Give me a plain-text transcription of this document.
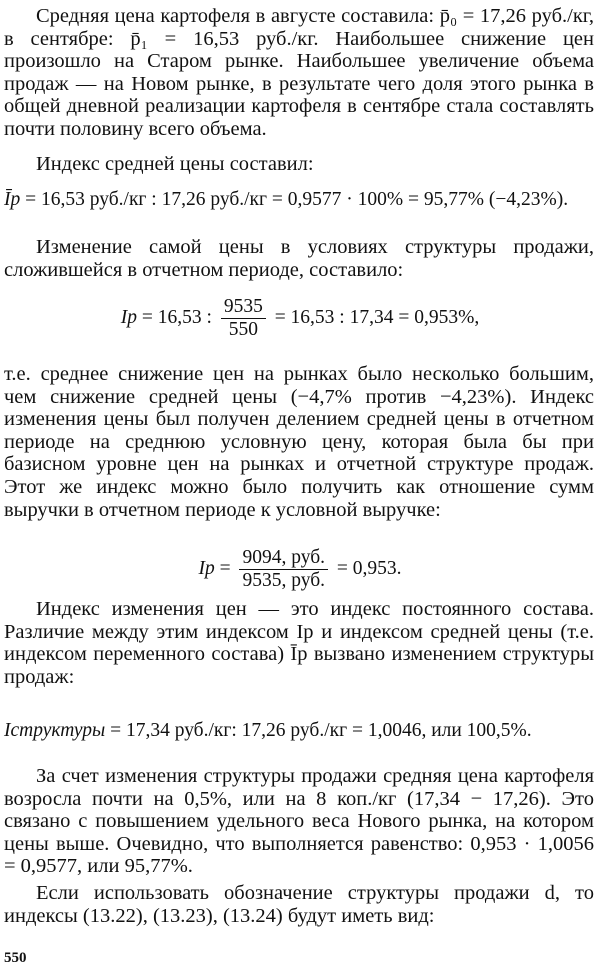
Средняя цена картофеля в августе составила: p̄₀ = 17,26 руб./кг, в сентябре: p̄₁ = 16,53 руб./кг. Наибольшее снижение цен произошло на Старом рынке. Наибольшее увеличение объема продаж — на Новом рынке, в результате чего доля этого рынка в общей дневной реализации картофеля в сентябре стала составлять почти половину всего объема.

Индекс средней цены составил:

Īp = 16,53 руб./кг : 17,26 руб./кг = 0,9577 · 100% = 95,77% (−4,23%).

Изменение самой цены в условиях структуры продажи, сложившейся в отчетном периоде, составило:

Ip = 16,53 : $\frac{9535}{550} = 16,53$ : 17,34 = 0,953%,

т.е. среднее снижение цен на рынках было несколько большим, чем снижение средней цены (−4,7% против −4,23%). Индекс изменения цены был получен делением средней цены в отчетном периоде на среднюю условную цену, которая была бы при базисном уровне цен на рынках и отчетной структуре продаж. Этот же индекс можно было получить как отношение сумм выручки в отчетном периоде к условной выручке:

$Ip = \frac{\text{9094, руб.}}{\text{9535, руб.}} = 0,953$.

Индекс изменения цен — это индекс постоянного состава. Различие между этим индексом Ip и индексом средней цены (т.е. индексом переменного состава) Īp вызвано изменением структуры продаж:

Iструктуры = 17,34 руб./кг: 17,26 руб./кг = 1,0046, или 100,5%.

За счет изменения структуры продажи средняя цена картофеля возросла почти на 0,5%, или на 8 коп./кг (17,34 − 17,26). Это связано с повышением удельного веса Нового рынка, на котором цены выше. Очевидно, что выполняется равенство: 0,953 · 1,0056 = 0,9577, или 95,77%.

Если использовать обозначение структуры продажи d, то индексы (13.22), (13.23), (13.24) будут иметь вид:

550
